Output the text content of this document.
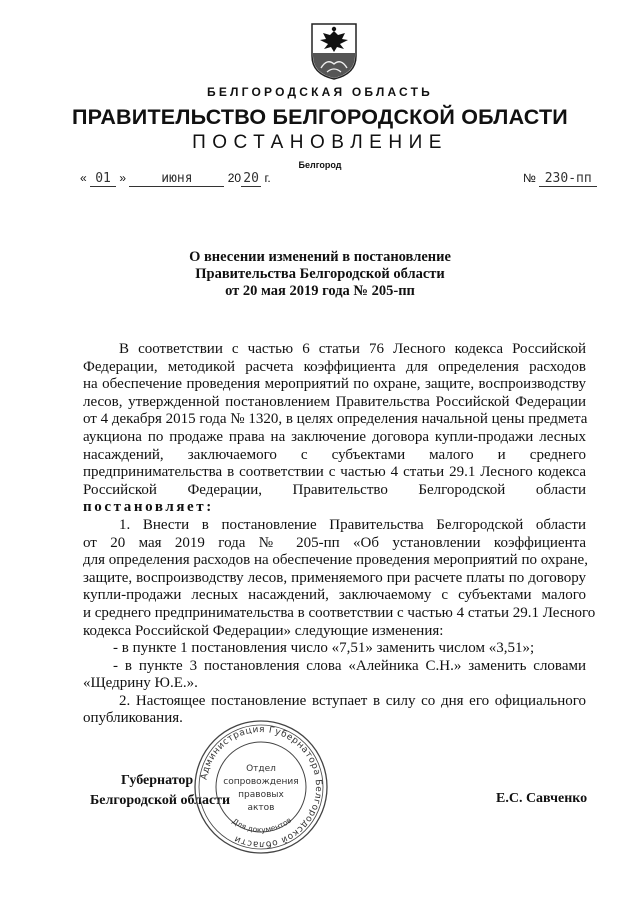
БЕЛГОРОДСКАЯ ОБЛАСТЬ
ПРАВИТЕЛЬСТВО БЕЛГОРОДСКОЙ ОБЛАСТИ
ПОСТАНОВЛЕНИЕ
Белгород
« 01 »	июня	20 20 г.	№ 230-пп
О внесении изменений в постановление
Правительства Белгородской области
от 20 мая 2019 года № 205-пп
В соответствии с частью 6 статьи 76 Лесного кодекса Российской
Федерации, методикой расчета коэффициента для определения расходов
на обеспечение проведения мероприятий по охране, защите, воспроизводству
лесов, утвержденной постановлением Правительства Российской Федерации
от 4 декабря 2015 года № 1320, в целях определения начальной цены предмета
аукциона по продаже права на заключение договора купли-продажи лесных
насаждений, заключаемого с субъектами малого и среднего
предпринимательства в соответствии с частью 4 статьи 29.1 Лесного кодекса
Российской Федерации, Правительство Белгородской области
постановляет:
1. Внести в постановление Правительства Белгородской области
от 20 мая 2019 года № 205-пп «Об установлении коэффициента
для определения расходов на обеспечение проведения мероприятий по охране,
защите, воспроизводству лесов, применяемого при расчете платы по договору
купли-продажи лесных насаждений, заключаемому с субъектами малого
и среднего предпринимательства в соответствии с частью 4 статьи 29.1 Лесного
кодекса Российской Федерации» следующие изменения:
- в пункте 1 постановления число «7,51» заменить числом «3,51»;
- в пункте 3 постановления слова «Алейника С.Н.» заменить словами
«Щедрину Ю.Е.».
2. Настоящее постановление вступает в силу со дня его официального
опубликования.
Губернатор
Белгородской области	Е.С. Савченко
Администрация Губернатора Белгородской области
Для документов
Отдел
сопровождения
правовых
актов
